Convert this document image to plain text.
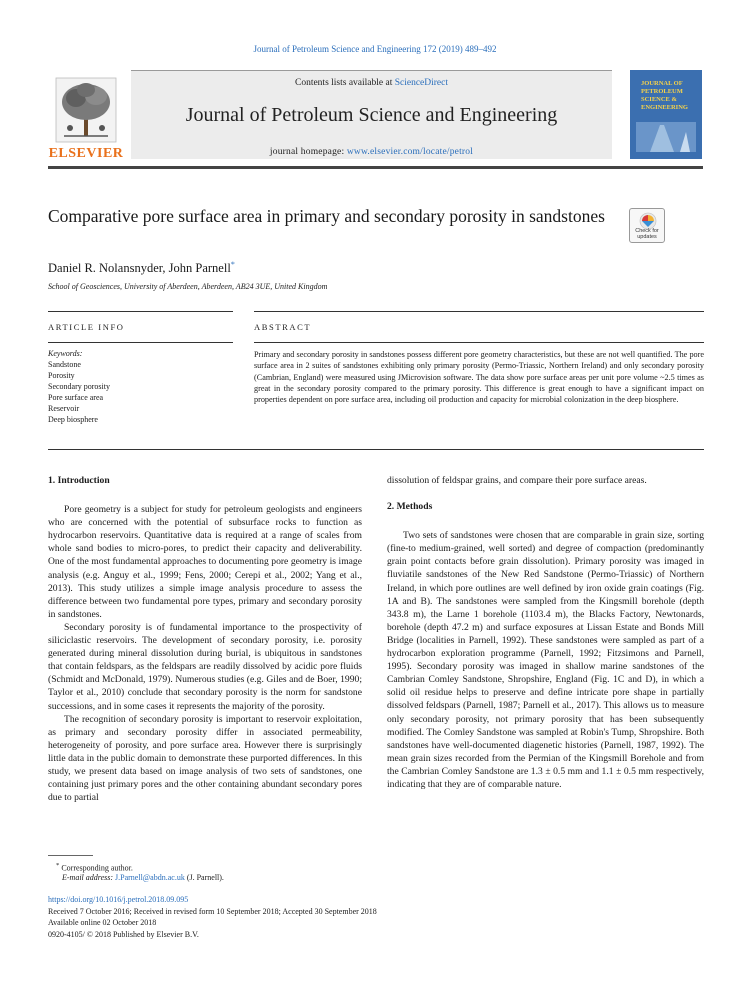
Journal of Petroleum Science and Engineering 172 (2019) 489–492
ELSEVIER
Contents lists available at ScienceDirect
Journal of Petroleum Science and Engineering
journal homepage: www.elsevier.com/locate/petrol
JOURNAL OF PETROLEUM SCIENCE & ENGINEERING
Comparative pore surface area in primary and secondary porosity in sandstones
Check for updates
Daniel R. Nolansnyder, John Parnell*
School of Geosciences, University of Aberdeen, Aberdeen, AB24 3UE, United Kingdom
ARTICLE INFO	ABSTRACT
Keywords:
Sandstone
Porosity
Secondary porosity
Pore surface area
Reservoir
Deep biosphere
Primary and secondary porosity in sandstones possess different pore geometry characteristics, but these are not well quantified. The pore surface area in 2 suites of sandstones exhibiting only primary porosity (Permo-Triassic, Northern Ireland) and only secondary porosity (Cambrian, England) were measured using JMicrovision software. The data show pore surface areas per unit pore volume ~2.5 times as great in the secondary porosity compared to the primary porosity. This difference is great enough to have a significant impact on properties dependent on pore surface area, including oil production and capacity for microbial colonization in the deep biosphere.
1. Introduction

Pore geometry is a subject for study for petroleum geologists and engineers who are concerned with the potential of subsurface rocks to function as hydrocarbon reservoirs. Quantitative data is required at a range of scales from whole sand bodies to micro-pores, to predict their capacity and deliverability. One of the most fundamental approaches to documenting pore geometry is image analysis (e.g. Anguy et al., 1999; Fens, 2000; Cerepi et al., 2002; Yang et al., 2013). This study utilizes a simple image analysis procedure to assess the difference between two fundamental pore types, primary and secondary porosity in sandstones.

Secondary porosity is of fundamental importance to the prospectivity of siliciclastic reservoirs. The development of secondary porosity, i.e. porosity generated during mineral dissolution during burial, is ubiquitous in sandstones that contain feldspars, as the feldspars are readily dissolved by acidic pore fluids (Schmidt and McDonald, 1979). Numerous studies (e.g. Giles and de Boer, 1990; Taylor et al., 2010) conclude that secondary porosity is the norm for sandstone successions, and in some cases it represents the majority of the porosity.

The recognition of secondary porosity is important to reservoir exploitation, as primary and secondary porosity differ in associated permeability, heterogeneity of porosity, and pore surface area. However there is surprisingly little data in the public domain to demonstrate these purported differences. In this study, we present data based on image analysis of two sets of sandstones, one containing just primary pores and the other containing abundant secondary pores due to partial

dissolution of feldspar grains, and compare their pore surface areas.

2. Methods

Two sets of sandstones were chosen that are comparable in grain size, sorting (fine-to medium-grained, well sorted) and degree of compaction (predominantly grain point contacts before grain dissolution). Primary porosity was imaged in fluviatile sandstones of the New Red Sandstone (Permo-Triassic) of Northern Ireland, in which pore outlines are well defined by iron oxide grain coatings (Fig. 1A and B). The sandstones were sampled from the Kingsmill borehole (depth 343.8 m), the Larne 1 borehole (1103.4 m), the Blacks Factory, Newtonards, borehole (depth 47.2 m) and surface exposures at Lissan Estate and Bonds Mill Bridge (localities in Parnell, 1992). These sandstones were sampled as part of a hydrocarbon exploration programme (Parnell, 1992; Fitzsimons and Parnell, 1995). Secondary porosity was imaged in shallow marine sandstones of the Cambrian Comley Sandstone, Shropshire, England (Fig. 1C and D), in which a solid oil residue helps to preserve and define intricate pore shape in partially dissolved feldspars (Parnell, 1987; Parnell et al., 2017). This allows us to measure only secondary porosity, not primary porosity that has been subsequently modified. The Comley Sandstone was sampled at Robin's Tump, Shropshire. Both sandstones have well-documented diagenetic histories (Parnell, 1987, 1992). The mean grain sizes recorded from the Permian of the Kingsmill Borehole and from the Cambrian Comley Sandstone are 1.3 ± 0.5 mm and 1.1 ± 0.5 mm respectively, indicating that they are of comparable nature.

* Corresponding author.
E-mail address: J.Parnell@abdn.ac.uk (J. Parnell).
https://doi.org/10.1016/j.petrol.2018.09.095
Received 7 October 2016; Received in revised form 10 September 2018; Accepted 30 September 2018
Available online 02 October 2018
0920-4105/ © 2018 Published by Elsevier B.V.
